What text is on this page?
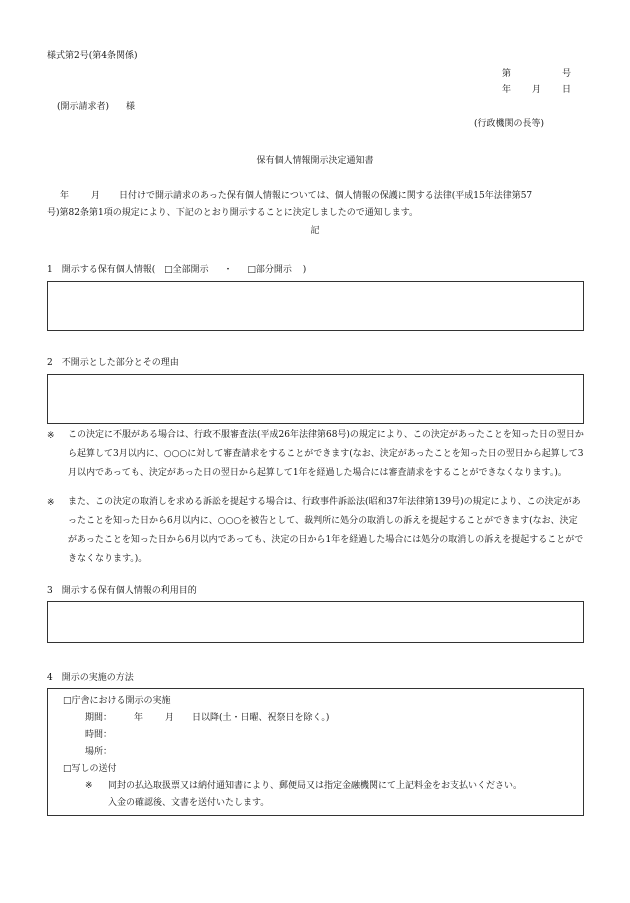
様式第2号(第4条関係)
第	号
年 月 日
(開示請求者) 様
(行政機関の長等)
保有個人情報開示決定通知書
年 月 日付けで開示請求のあった保有個人情報については、個人情報の保護に関する法律(平成15年法律第57
号)第82条第1項の規定により、下記のとおり開示することに決定しましたので通知します。
記
1　開示する保有個人情報( □全部開示 ・ □部分開示 )
2　不開示とした部分とその理由
※ この決定に不服がある場合は、行政不服審査法(平成26年法律第68号)の規定により、この決定があったことを知った日の翌日から起算して3月以内に、○○○に対して審査請求をすることができます(なお、決定があったことを知った日の翌日から起算して3月以内であっても、決定があった日の翌日から起算して1年を経過した場合には審査請求をすることができなくなります。)。
※ また、この決定の取消しを求める訴訟を提起する場合は、行政事件訴訟法(昭和37年法律第139号)の規定により、この決定があったことを知った日から6月以内に、○○○を被告として、裁判所に処分の取消しの訴えを提起することができます(なお、決定があったことを知った日から6月以内であっても、決定の日から1年を経過した場合には処分の取消しの訴えを提起することができなくなります。)。
3　開示する保有個人情報の利用目的
4　開示の実施の方法
□庁舎における開示の実施
期間： 年 月 日以降(土・日曜、祝祭日を除く。)
時間：
場所：
□写しの送付
※ 同封の払込取扱票又は納付通知書により、郵便局又は指定金融機関にて上記料金をお支払いください。
入金の確認後、文書を送付いたします。
